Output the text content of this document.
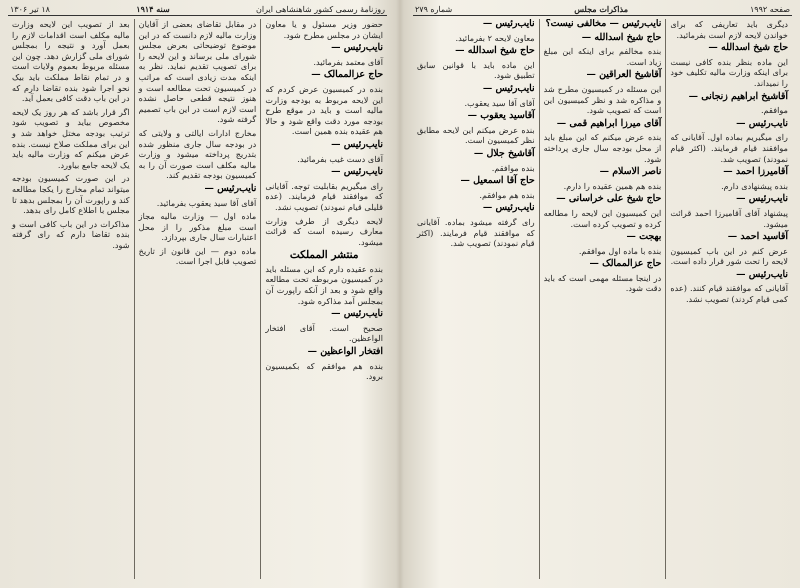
روزنامهٔ رسمی کشور شاهنشاهی ایران
سنه ۱۹۱۴
۱۸ تیر ۱۳۰۶

حضور وزیر مسئول و یا معاون ایشان در مجلس مطرح شود.

نایب‌رئیس —

آقای معتمد بفرمائید.

حاج عزالممالک —

بنده در کمیسیون عرض کردم که این لایحه مربوط به بودجه وزارت مالیه است و باید در موقع طرح بودجه مورد دقت واقع شود و حالا هم عقیده بنده همین است.

نایب‌رئیس —

آقای دست غیب بفرمائید.

نایب‌رئیس —

رای میگیریم بقابلیت توجه. آقایانی که موافقند قیام فرمایند. (عده قلیلی قیام نمودند) تصویب نشد.

لایحه دیگری از طرف وزارت معارف رسیده است که قرائت میشود.

منتشر المملکت

بنده عقیده دارم که این مسئله باید در کمیسیون مربوطه تحت مطالعه واقع شود و بعد از آنکه راپورت آن بمجلس آمد مذاکره شود.

نایب‌رئیس —

صحیح است. آقای افتخار الواعظین.

افتخار الواعظین —

بنده هم موافقم که بکمیسیون برود.

در مقابل تقاضای بعضی از آقایان وزارت مالیه لازم دانست که در این موضوع توضیحاتی بعرض مجلس شورای ملی برساند و این لایحه را برای تصویب تقدیم نماید. نظر به اینکه مدت زیادی است که مراتب در کمیسیون تحت مطالعه است و هنوز نتیجه قطعی حاصل نشده است لازم است در این باب تصمیم گرفته شود.

مخارج ادارات ایالتی و ولایتی که در بودجه سال جاری منظور شده بتدریج پرداخته میشود و وزارت مالیه مکلف است صورت آن را به کمیسیون بودجه تقدیم کند.

نایب‌رئیس —

آقای آقا سید یعقوب بفرمائید.

ماده اول — وزارت مالیه مجاز است مبلغ مذکور را از محل اعتبارات سال جاری بپردازد.

ماده دوم — این قانون از تاریخ تصویب قابل اجرا است.

بعد از تصویب این لایحه وزارت مالیه مکلف است اقدامات لازم را بعمل آورد و نتیجه را بمجلس شورای ملی گزارش دهد. چون این مسئله مربوط بعموم ولایات است و در تمام نقاط مملکت باید بیک نحو اجرا شود بنده تقاضا دارم که در این باب دقت کافی بعمل آید.

اگر قرار باشد که هر روز یک لایحه مخصوص بیاید و تصویب شود ترتیب بودجه مختل خواهد شد و این برای مملکت صلاح نیست. بنده عرض میکنم که وزارت مالیه باید یک لایحه جامع بیاورد.

در این صورت کمیسیون بودجه میتواند تمام مخارج را یکجا مطالعه کند و راپورت آن را بمجلس بدهد تا مجلس با اطلاع کامل رای بدهد.

مذاکرات در این باب کافی است و بنده تقاضا دارم که رای گرفته شود.

صفحه ۱۹۹۲
مذاکرات مجلس
شماره ۲۷۹

دیگری باید تعاریفی که برای خواندن لایحه لازم است بفرمائید.

حاج شیخ اسدالله —

این ماده بنظر بنده کافی نیست برای اینکه وزارت مالیه تکلیف خود را نمیداند.

آقاشیخ ابراهیم زنجانی —

موافقم.

نایب‌رئیس —

رای میگیریم بماده اول. آقایانی که موافقند قیام فرمایند. (اکثر قیام نمودند) تصویب شد.

آقامیرزا احمد —

بنده پیشنهادی دارم.

نایب‌رئیس —

پیشنهاد آقای آقامیرزا احمد قرائت میشود.

آقاسید احمد —

عرض کنم در این باب کمیسیون لایحه را تحت شور قرار داده است.

نایب‌رئیس —

آقایانی که موافقند قیام کنند. (عده کمی قیام کردند) تصویب نشد.

نایب‌رئیس — مخالفی نیست؟

حاج شیخ اسدالله —

بنده مخالفم برای اینکه این مبلغ زیاد است.

آقاشیخ العراقین —

این مسئله در کمیسیون مطرح شد و مذاکره شد و نظر کمیسیون این است که تصویب شود.

آقای میرزا ابراهیم قمی —

بنده عرض میکنم که این مبلغ باید از محل بودجه سال جاری پرداخته شود.

ناصر الاسلام —

بنده هم همین عقیده را دارم.

حاج شیخ علی خراسانی —

این کمیسیون این لایحه را مطالعه کرده و تصویب کرده است.

بهجت —

بنده با ماده اول موافقم.

حاج عزالممالک —

در اینجا مسئله مهمی است که باید دقت شود.

نایب‌رئیس —

معاون لایحه ۲ بفرمائید.

حاج شیخ اسدالله —

این ماده باید با قوانین سابق تطبیق شود.

نایب‌رئیس —

آقای آقا سید یعقوب.

آقاسید یعقوب —

بنده عرض میکنم این لایحه مطابق نظر کمیسیون است.

آقاشیخ جلال —

بنده موافقم.

حاج آقا اسمعیل —

بنده هم موافقم.

نایب‌رئیس —

رای گرفته میشود بماده. آقایانی که موافقند قیام فرمایند. (اکثر قیام نمودند) تصویب شد.
